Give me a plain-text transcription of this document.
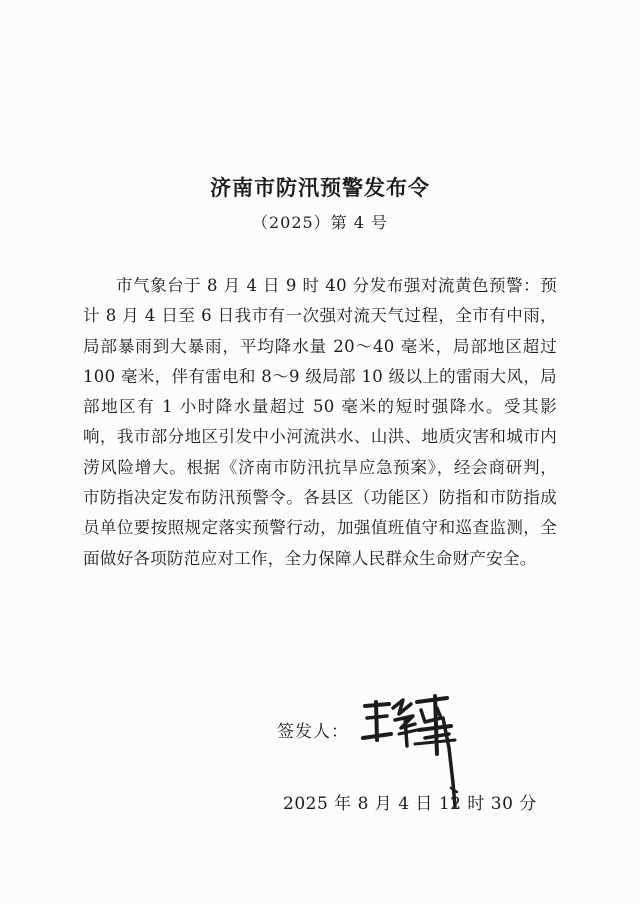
济南市防汛预警发布令
（2025）第 4 号

市气象台于 8 月 4 日 9 时 40 分发布强对流黄色预警：预计 8 月 4 日至 6 日我市有一次强对流天气过程，全市有中雨，局部暴雨到大暴雨，平均降水量 20～40 毫米，局部地区超过 100 毫米，伴有雷电和 8～9 级局部 10 级以上的雷雨大风，局部地区有 1 小时降水量超过 50 毫米的短时强降水。受其影响，我市部分地区引发中小河流洪水、山洪、地质灾害和城市内涝风险增大。根据《济南市防汛抗旱应急预案》，经会商研判，市防指决定发布防汛预警令。各县区（功能区）防指和市防指成员单位要按照规定落实预警行动，加强值班值守和巡查监测，全面做好各项防范应对工作，全力保障人民群众生命财产安全。

签发人：
2025 年 8 月 4 日 12 时 30 分
